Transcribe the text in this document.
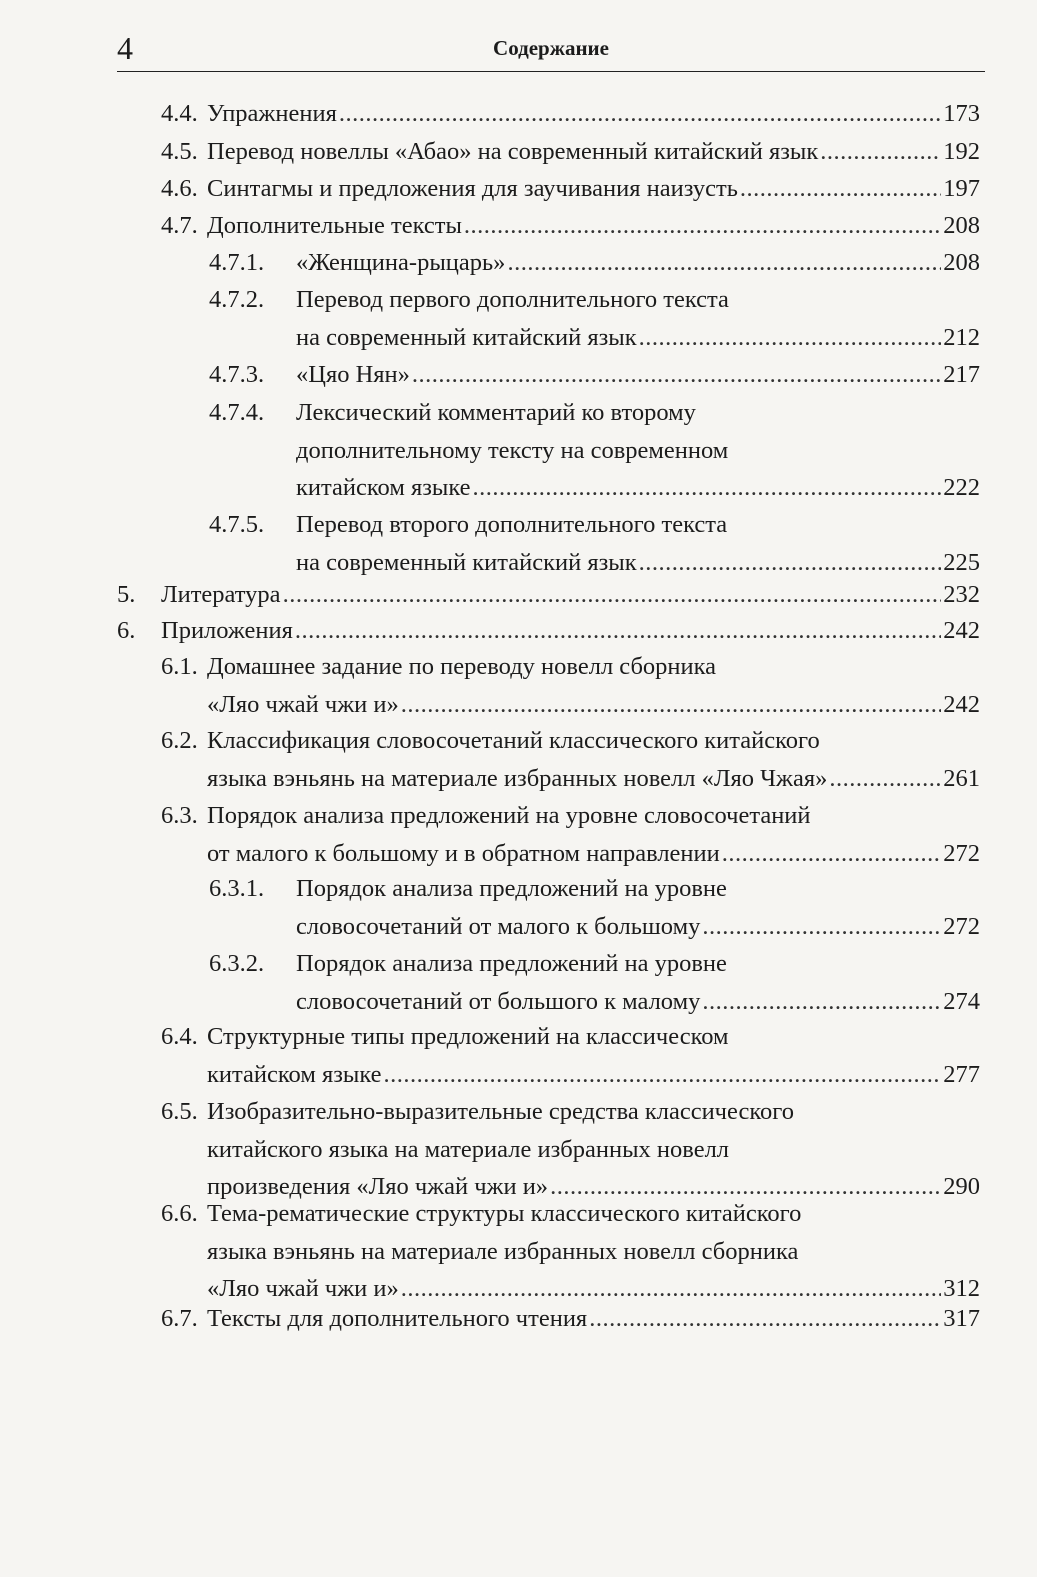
4	Содержание
4.4. Упражнения .....	173
4.5. Перевод новеллы «Абао» на современный китайский язык .....	192
4.6. Синтагмы и предложения для заучивания наизусть .....	197
4.7. Дополнительные тексты .....	208
4.7.1. «Женщина-рыцарь» .....	208
4.7.2. Перевод первого дополнительного текста
на современный китайский язык .....	212
4.7.3. «Цяо Нян» .....	217
4.7.4. Лексический комментарий ко второму
дополнительному тексту на современном
китайском языке .....	222
4.7.5. Перевод второго дополнительного текста
на современный китайский язык .....	225
5. Литература .....	232
6. Приложения .....	242
6.1. Домашнее задание по переводу новелл сборника
«Ляо чжай чжи и» .....	242
6.2. Классификация словосочетаний классического китайского
языка вэньянь на материале избранных новелл «Ляо Чжая» .....	261
6.3. Порядок анализа предложений на уровне словосочетаний
от малого к большому и в обратном направлении .....	272
6.3.1. Порядок анализа предложений на уровне
словосочетаний от малого к большому .....	272
6.3.2. Порядок анализа предложений на уровне
словосочетаний от большого к малому .....	274
6.4. Структурные типы предложений на классическом
китайском языке .....	277
6.5. Изобразительно-выразительные средства классического
китайского языка на материале избранных новелл
произведения «Ляо чжай чжи и» .....	290
6.6. Тема-рематические структуры классического китайского
языка вэньянь на материале избранных новелл сборника
«Ляо чжай чжи и» .....	312
6.7. Тексты для дополнительного чтения .....	317
